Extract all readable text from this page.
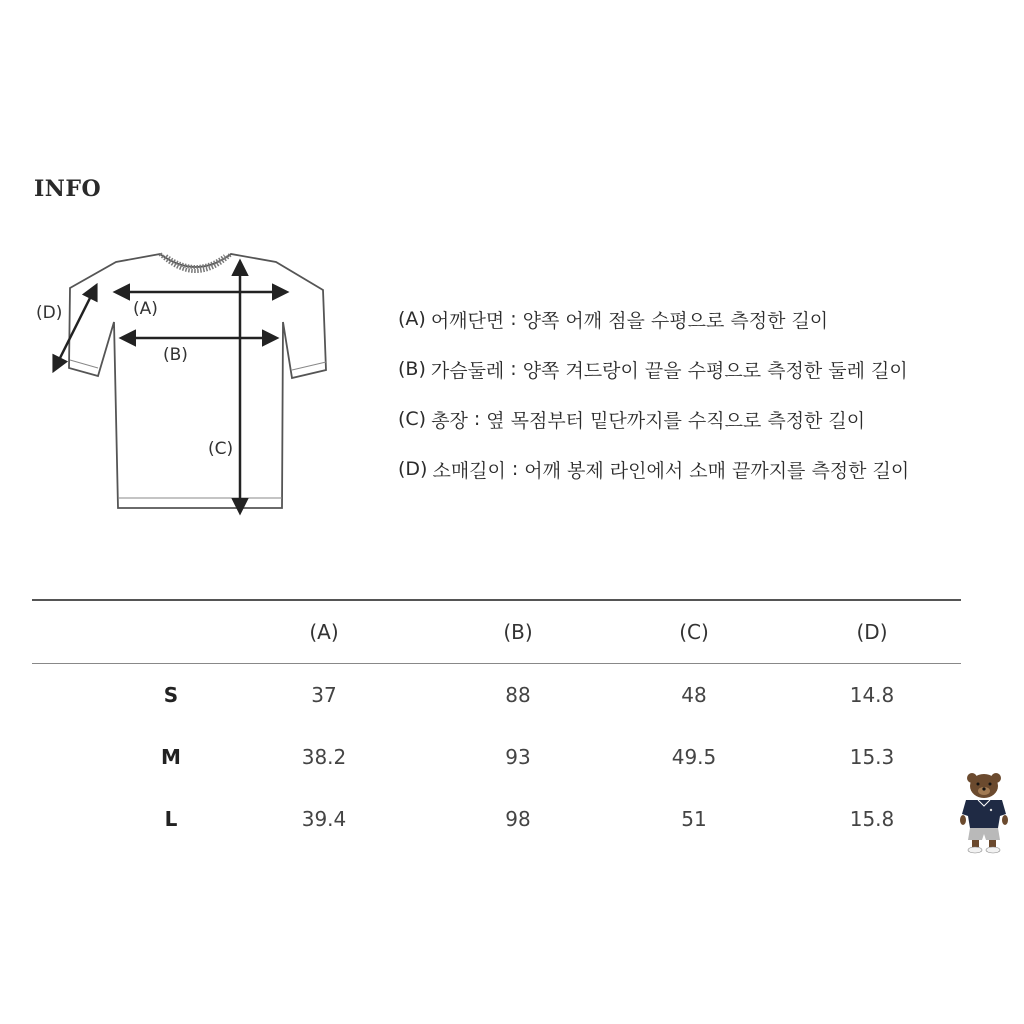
INFO
(A)
(B)
(C)
(D)	(A) 어깨단면 : 양쪽 어깨 점을 수평으로 측정한 길이
(B) 가슴둘레 : 양쪽 겨드랑이 끝을 수평으로 측정한 둘레 길이
(C) 총장 : 옆 목점부터 밑단까지를 수직으로 측정한 길이
(D) 소매길이 : 어깨 봉제 라인에서 소매 끝까지를 측정한 길이
(A)	(B)	(C)	(D)
S	37	88	48	14.8
M	38.2	93	49.5	15.3
L	39.4	98	51	15.8
